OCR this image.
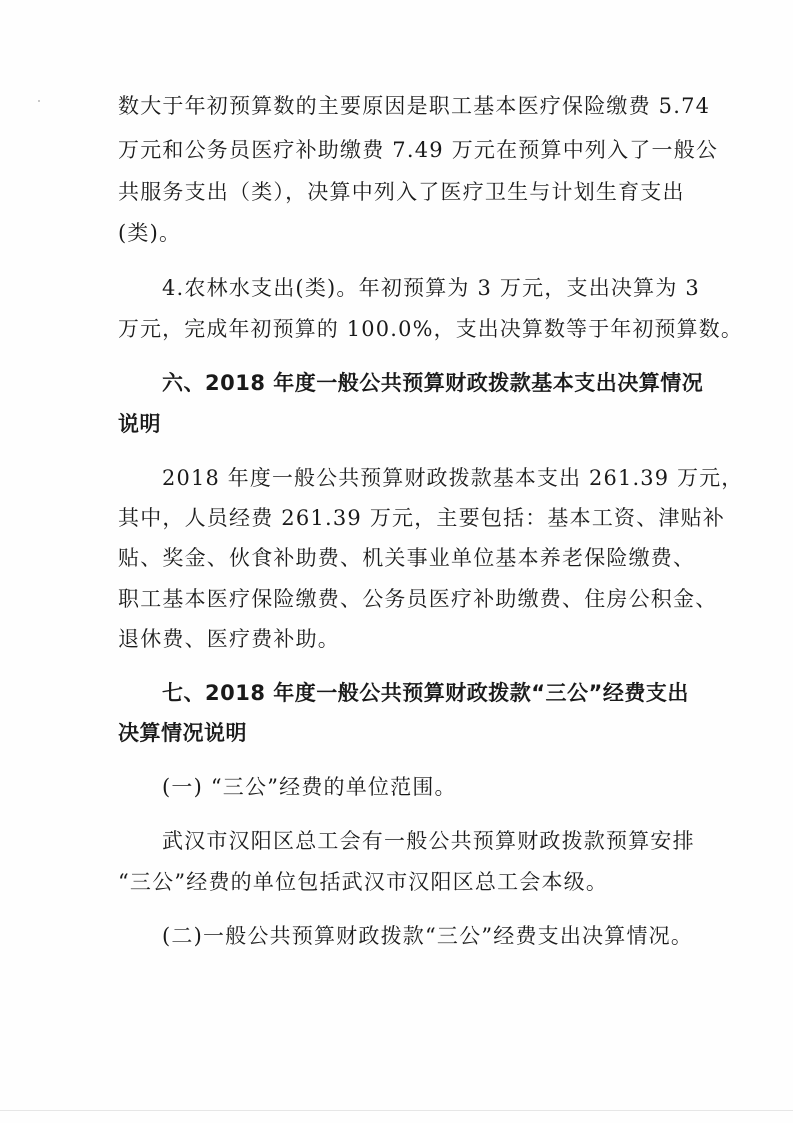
数大于年初预算数的主要原因是职工基本医疗保险缴费 5.74
万元和公务员医疗补助缴费 7.49 万元在预算中列入了一般公
共服务支出（类），决算中列入了医疗卫生与计划生育支出
(类)。
4.农林水支出(类)。年初预算为 3 万元，支出决算为 3
万元，完成年初预算的 100.0%，支出决算数等于年初预算数。
六、2018 年度一般公共预算财政拨款基本支出决算情况
说明
2018 年度一般公共预算财政拨款基本支出 261.39 万元，
其中，人员经费 261.39 万元，主要包括：基本工资、津贴补
贴、奖金、伙食补助费、机关事业单位基本养老保险缴费、
职工基本医疗保险缴费、公务员医疗补助缴费、住房公积金、
退休费、医疗费补助。
七、2018 年度一般公共预算财政拨款“三公”经费支出
决算情况说明
(一) “三公”经费的单位范围。
武汉市汉阳区总工会有一般公共预算财政拨款预算安排
“三公”经费的单位包括武汉市汉阳区总工会本级。
(二)一般公共预算财政拨款“三公”经费支出决算情况。
